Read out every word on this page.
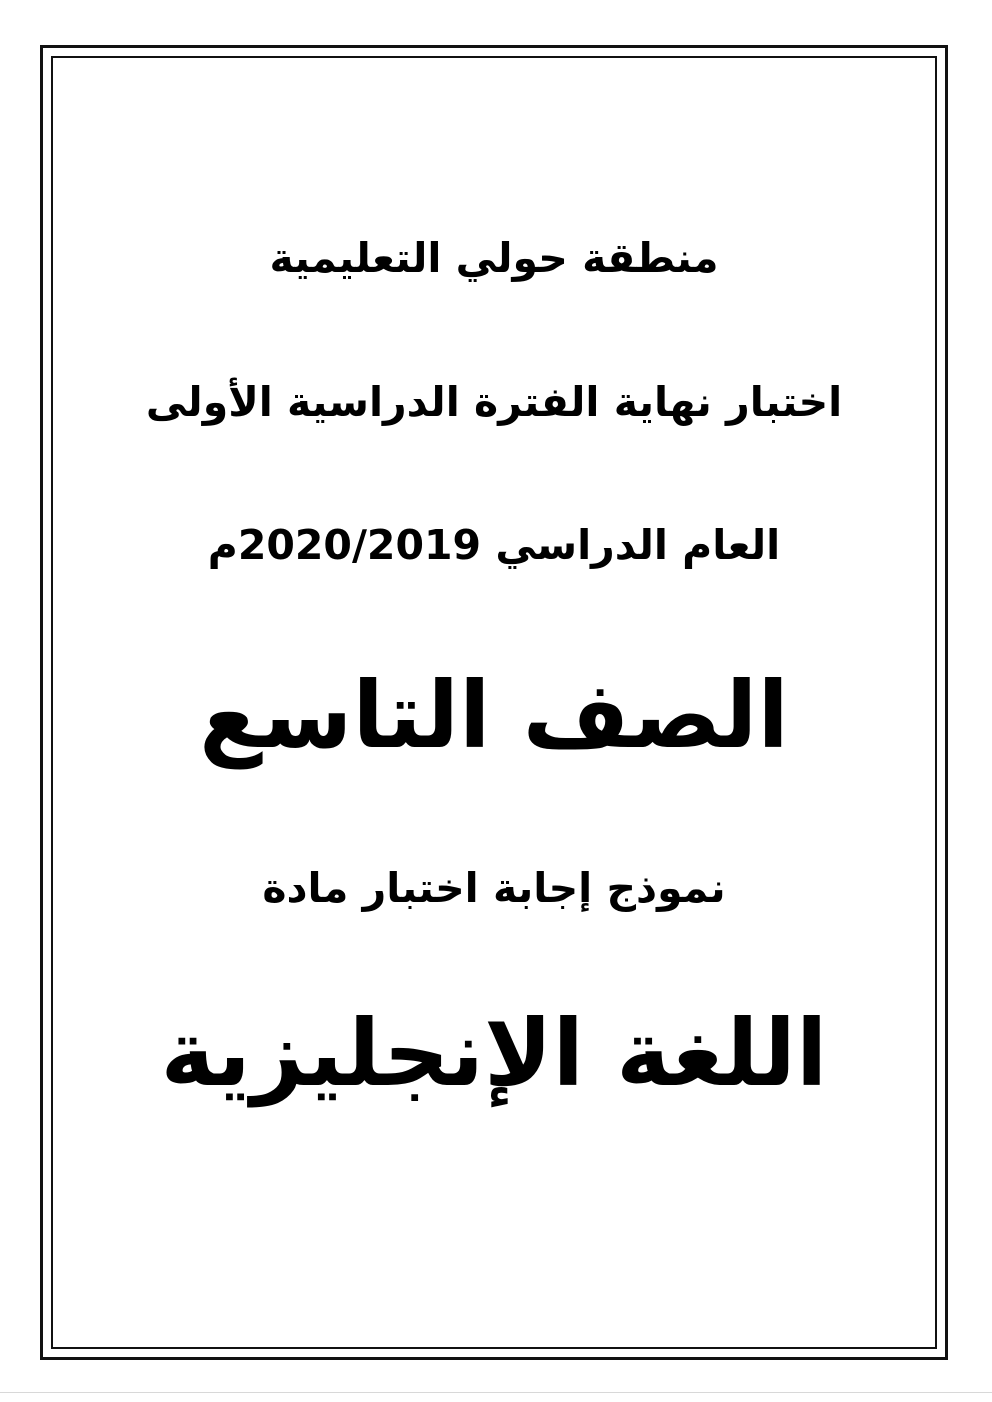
منطقة حولي التعليمية
اختبار نهاية الفترة الدراسية الأولى
العام الدراسي 2020/2019م
الصف التاسع
نموذج إجابة اختبار مادة
اللغة الإنجليزية
